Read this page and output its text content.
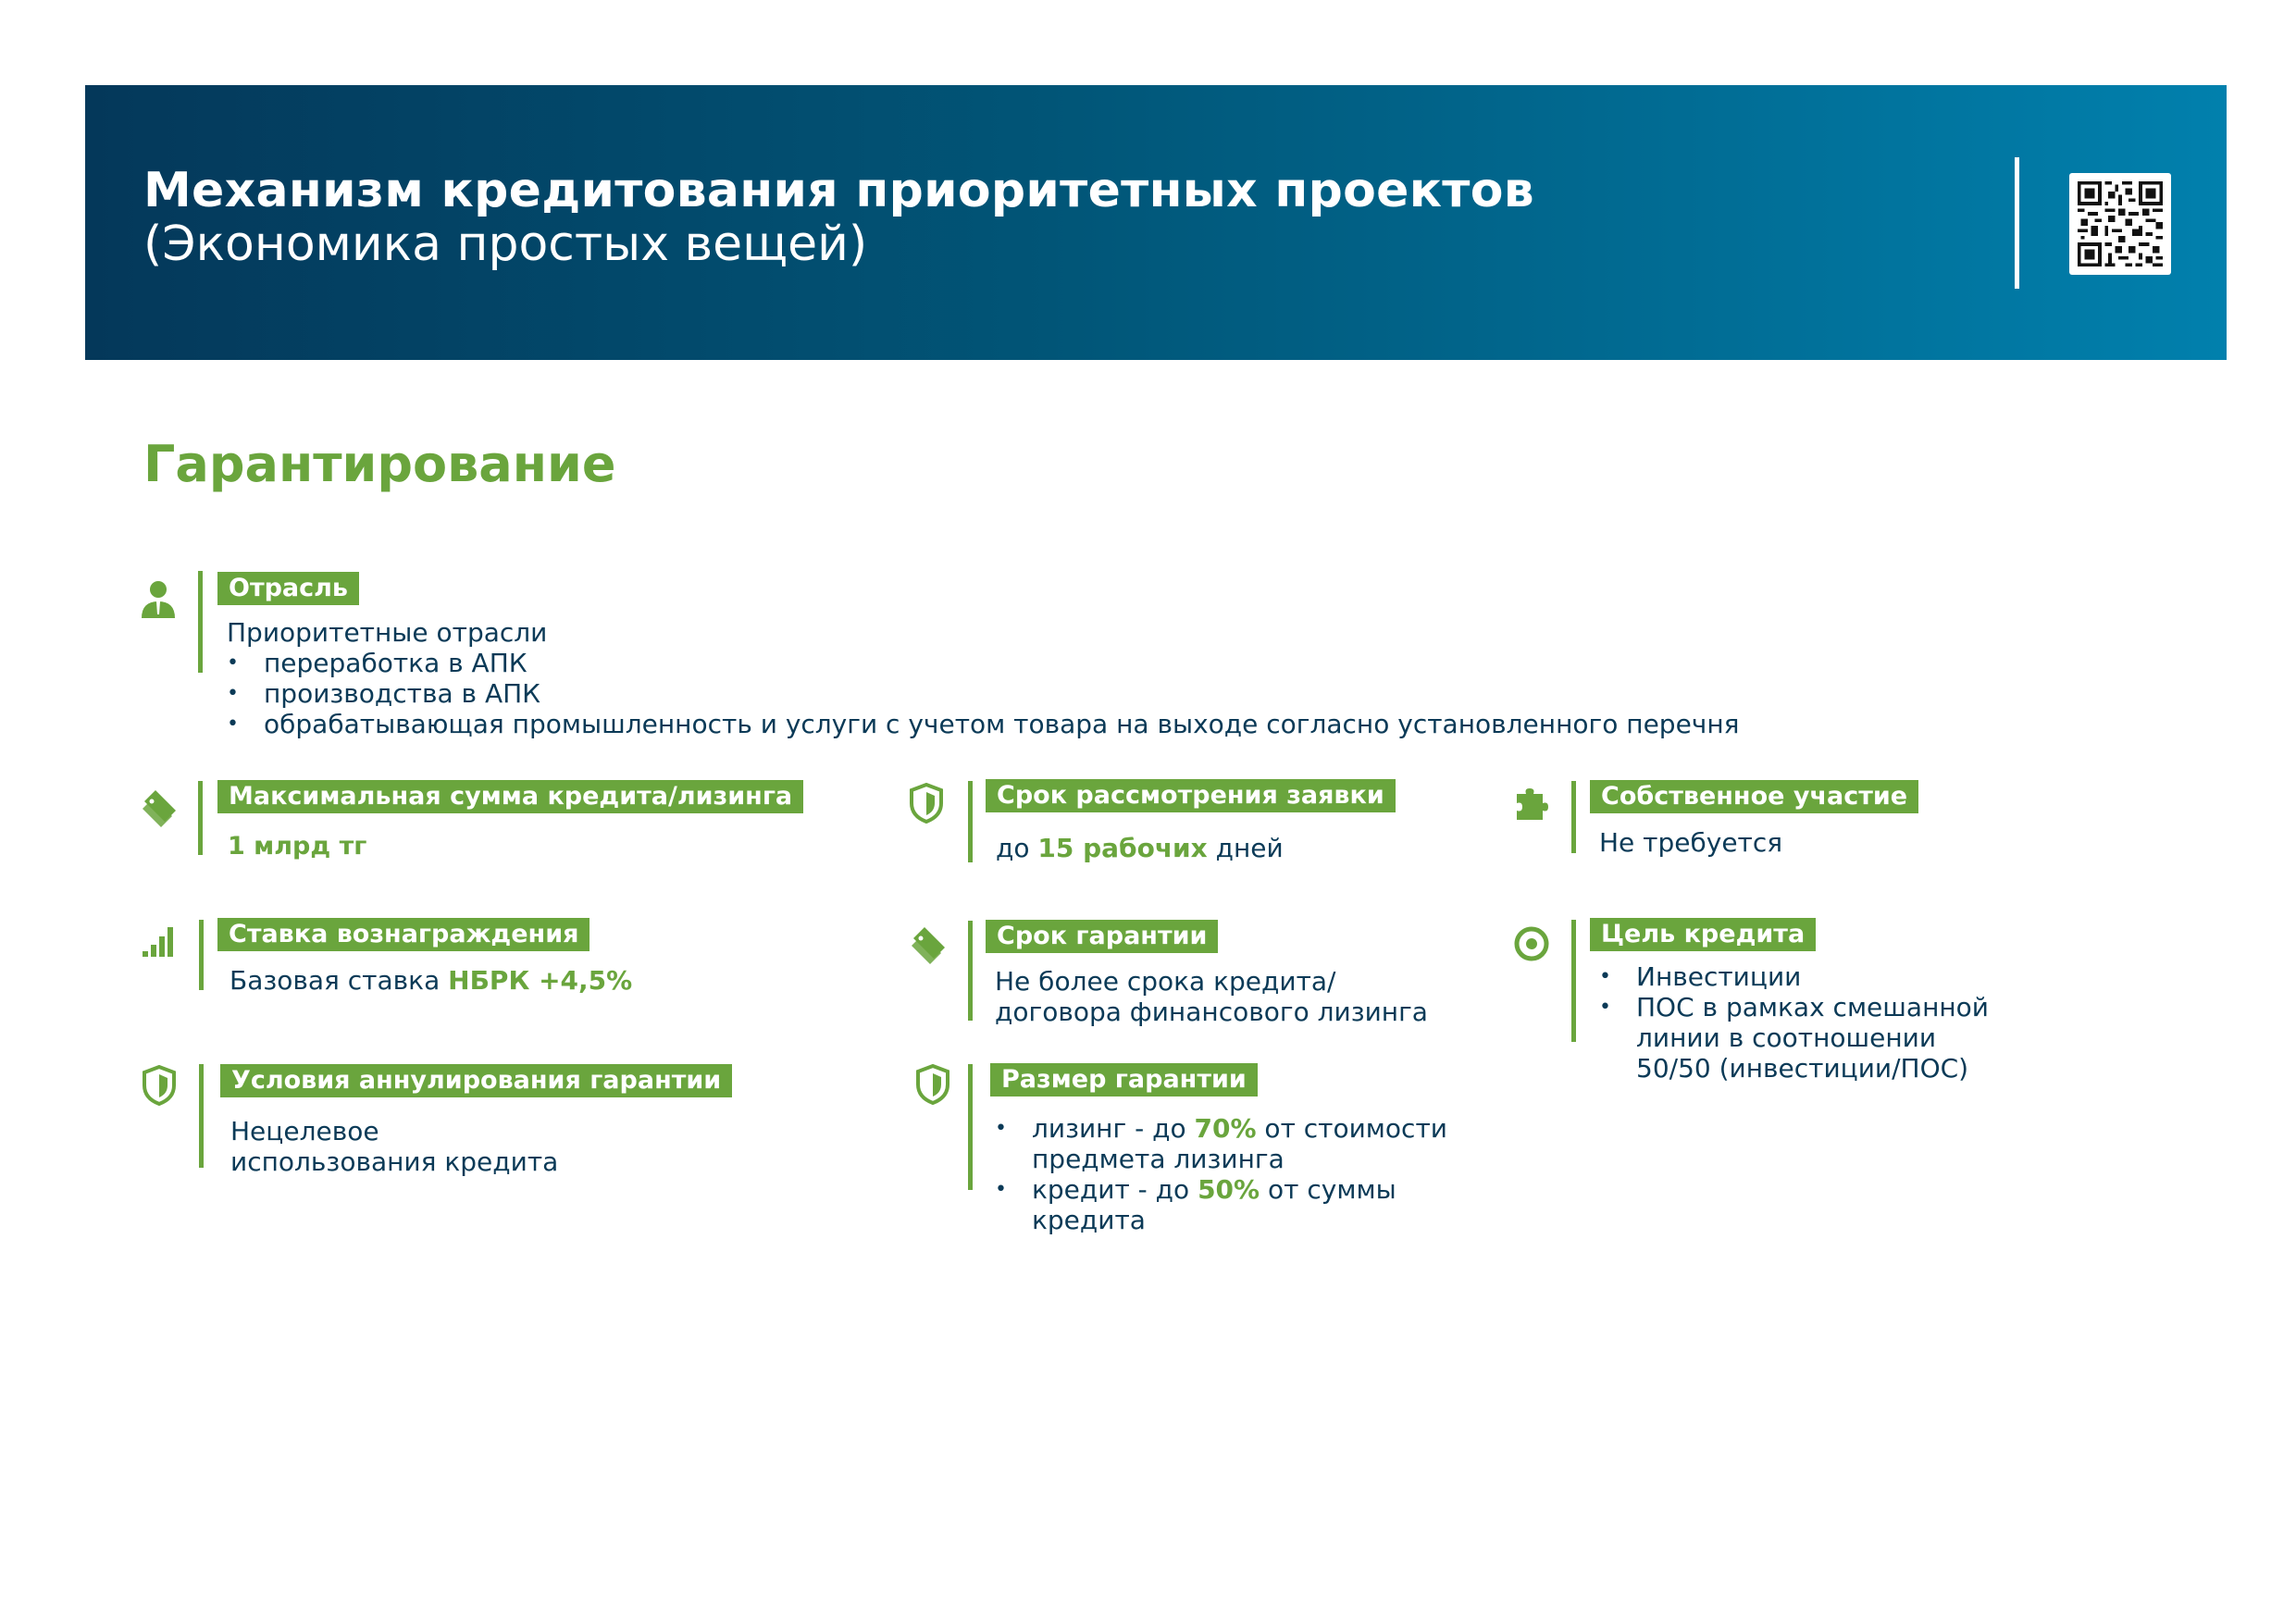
Механизм кредитования приоритетных проектов
(Экономика простых вещей)
Гарантирование
Отрасль
Приоритетные отрасли
• переработка в АПК
• производства в АПК
• обрабатывающая промышленность и услуги с учетом товара на выходе согласно установленного перечня
Максимальная сумма кредита/лизинга
1 млрд тг
Срок рассмотрения заявки
до 15 рабочих дней
Собственное участие
Не требуется
Ставка вознаграждения
Базовая ставка НБРК +4,5%
Срок гарантии
Не более срока кредита/
договора финансового лизинга
Цель кредита
• Инвестиции
• ПОС в рамках смешанной
линии в соотношении
50/50 (инвестиции/ПОС)
Условия аннулирования гарантии
Нецелевое
использования кредита
Размер гарантии
• лизинг - до 70% от стоимости
предмета лизинга
• кредит - до 50% от суммы
кредита
